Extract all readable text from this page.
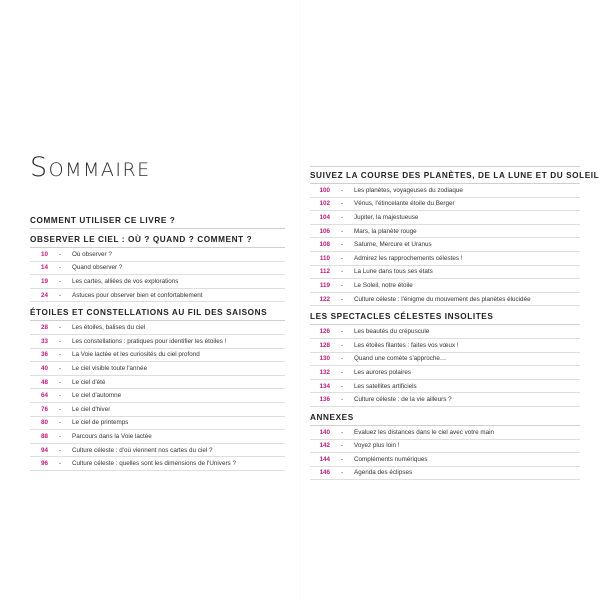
Sommaire
COMMENT UTILISER CE LIVRE ?
OBSERVER LE CIEL : OÙ ? QUAND ? COMMENT ?
10	-	Où observer ?
14	-	Quand observer ?
19	-	Les cartes, alliées de vos explorations
24	-	Astuces pour observer bien et confortablement
ÉTOILES ET CONSTELLATIONS AU FIL DES SAISONS
28	-	Les étoiles, balises du ciel
33	-	Les constellations : pratiques pour identifier les étoiles !
36	-	La Voie lactée et les curiosités du ciel profond
40	-	Le ciel visible toute l'année
48	-	Le ciel d'été
64	-	Le ciel d'automne
76	-	Le ciel d'hiver
80	-	Le ciel de printemps
88	-	Parcours dans la Voie lactée
94	-	Culture céleste : d'où viennent nos cartes du ciel ?
96	-	Culture céleste : quelles sont les dimensions de l'Univers ?
SUIVEZ LA COURSE DES PLANÈTES, DE LA LUNE ET DU SOLEIL
100	-	Les planètes, voyageuses du zodiaque
102	-	Vénus, l'étincelante étoile du Berger
104	-	Jupiter, la majestueuse
106	-	Mars, la planète rouge
108	-	Saturne, Mercure et Uranus
110	-	Admirez les rapprochements célestes !
112	-	La Lune dans tous ses états
119	-	Le Soleil, notre étoile
122	-	Culture céleste : l'énigme du mouvement des planètes élucidée
LES SPECTACLES CÉLESTES INSOLITES
126	-	Les beautés du crépuscule
128	-	Les étoiles filantes : faites vos vœux !
130	-	Quand une comète s'approche…
132	-	Les aurores polaires
134	-	Les satellites artificiels
136	-	Culture céleste : de la vie ailleurs ?
ANNEXES
140	-	Évaluez les distances dans le ciel avec votre main
142	-	Voyez plus loin !
144	-	Compléments numériques
146	-	Agenda des éclipses
